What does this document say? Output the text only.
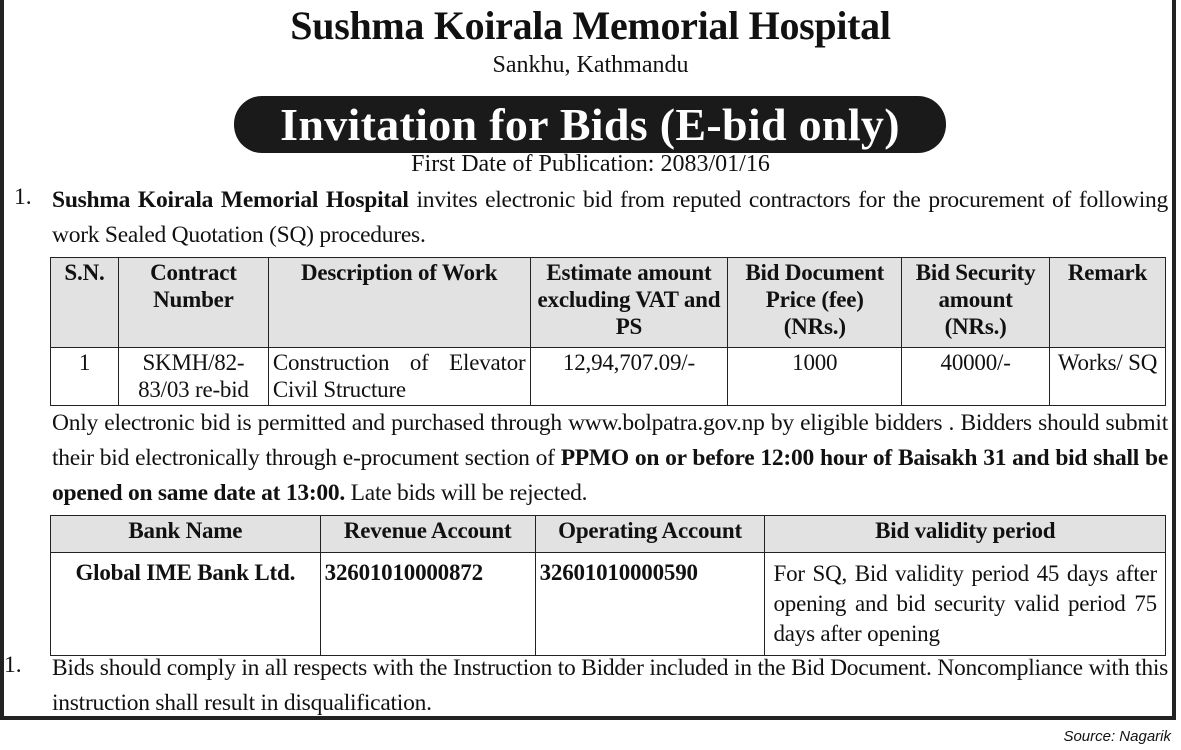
Sushma Koirala Memorial Hospital
Sankhu, Kathmandu
Invitation for Bids (E-bid only)
First Date of Publication: 2083/01/16
1. Sushma Koirala Memorial Hospital invites electronic bid from reputed contractors for the procurement of following work Sealed Quotation (SQ) procedures.
S.N.	Contract Number	Description of Work	Estimate amount excluding VAT and PS	Bid Document Price (fee) (NRs.)	Bid Security amount (NRs.)	Remark
1	SKMH/82-83/03 re-bid	Construction of Elevator Civil Structure	12,94,707.09/-	1000	40000/-	Works/ SQ
Only electronic bid is permitted and purchased through www.bolpatra.gov.np by eligible bidders . Bidders should submit their bid electronically through e-procument section of PPMO on or before 12:00 hour of Baisakh 31 and bid shall be opened on same date at 13:00. Late bids will be rejected.
Bank Name	Revenue Account	Operating Account	Bid validity period
Global IME Bank Ltd.	32601010000872	32601010000590	For SQ, Bid validity period 45 days after opening and bid security valid period 75 days after opening
1. Bids should comply in all respects with the Instruction to Bidder included in the Bid Document. Noncompliance with this instruction shall result in disqualification.
Source: Nagarik
